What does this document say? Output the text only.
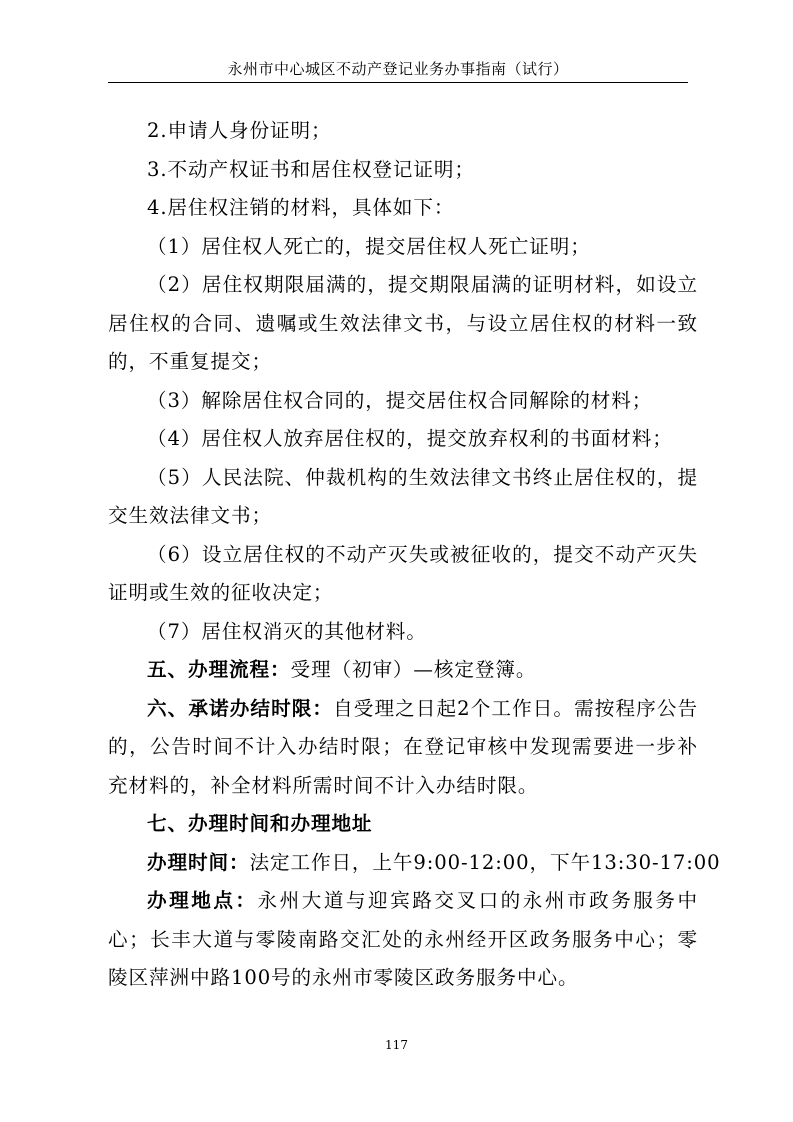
永州市中心城区不动产登记业务办事指南（试行）

2.申请人身份证明；

3.不动产权证书和居住权登记证明；

4.居住权注销的材料，具体如下：

（1）居住权人死亡的，提交居住权人死亡证明；

（2）居住权期限届满的，提交期限届满的证明材料，如设立居住权的合同、遗嘱或生效法律文书，与设立居住权的材料一致的，不重复提交；

（3）解除居住权合同的，提交居住权合同解除的材料；

（4）居住权人放弃居住权的，提交放弃权利的书面材料；

（5）人民法院、仲裁机构的生效法律文书终止居住权的，提交生效法律文书；

（6）设立居住权的不动产灭失或被征收的，提交不动产灭失证明或生效的征收决定；

（7）居住权消灭的其他材料。

五、办理流程：受理（初审）—核定登簿。

六、承诺办结时限：自受理之日起2个工作日。需按程序公告的，公告时间不计入办结时限；在登记审核中发现需要进一步补充材料的，补全材料所需时间不计入办结时限。

七、办理时间和办理地址

办理时间：法定工作日，上午9:00-12:00，下午13:30-17:00

办理地点：永州大道与迎宾路交叉口的永州市政务服务中心；长丰大道与零陵南路交汇处的永州经开区政务服务中心；零陵区萍洲中路100号的永州市零陵区政务服务中心。

117
